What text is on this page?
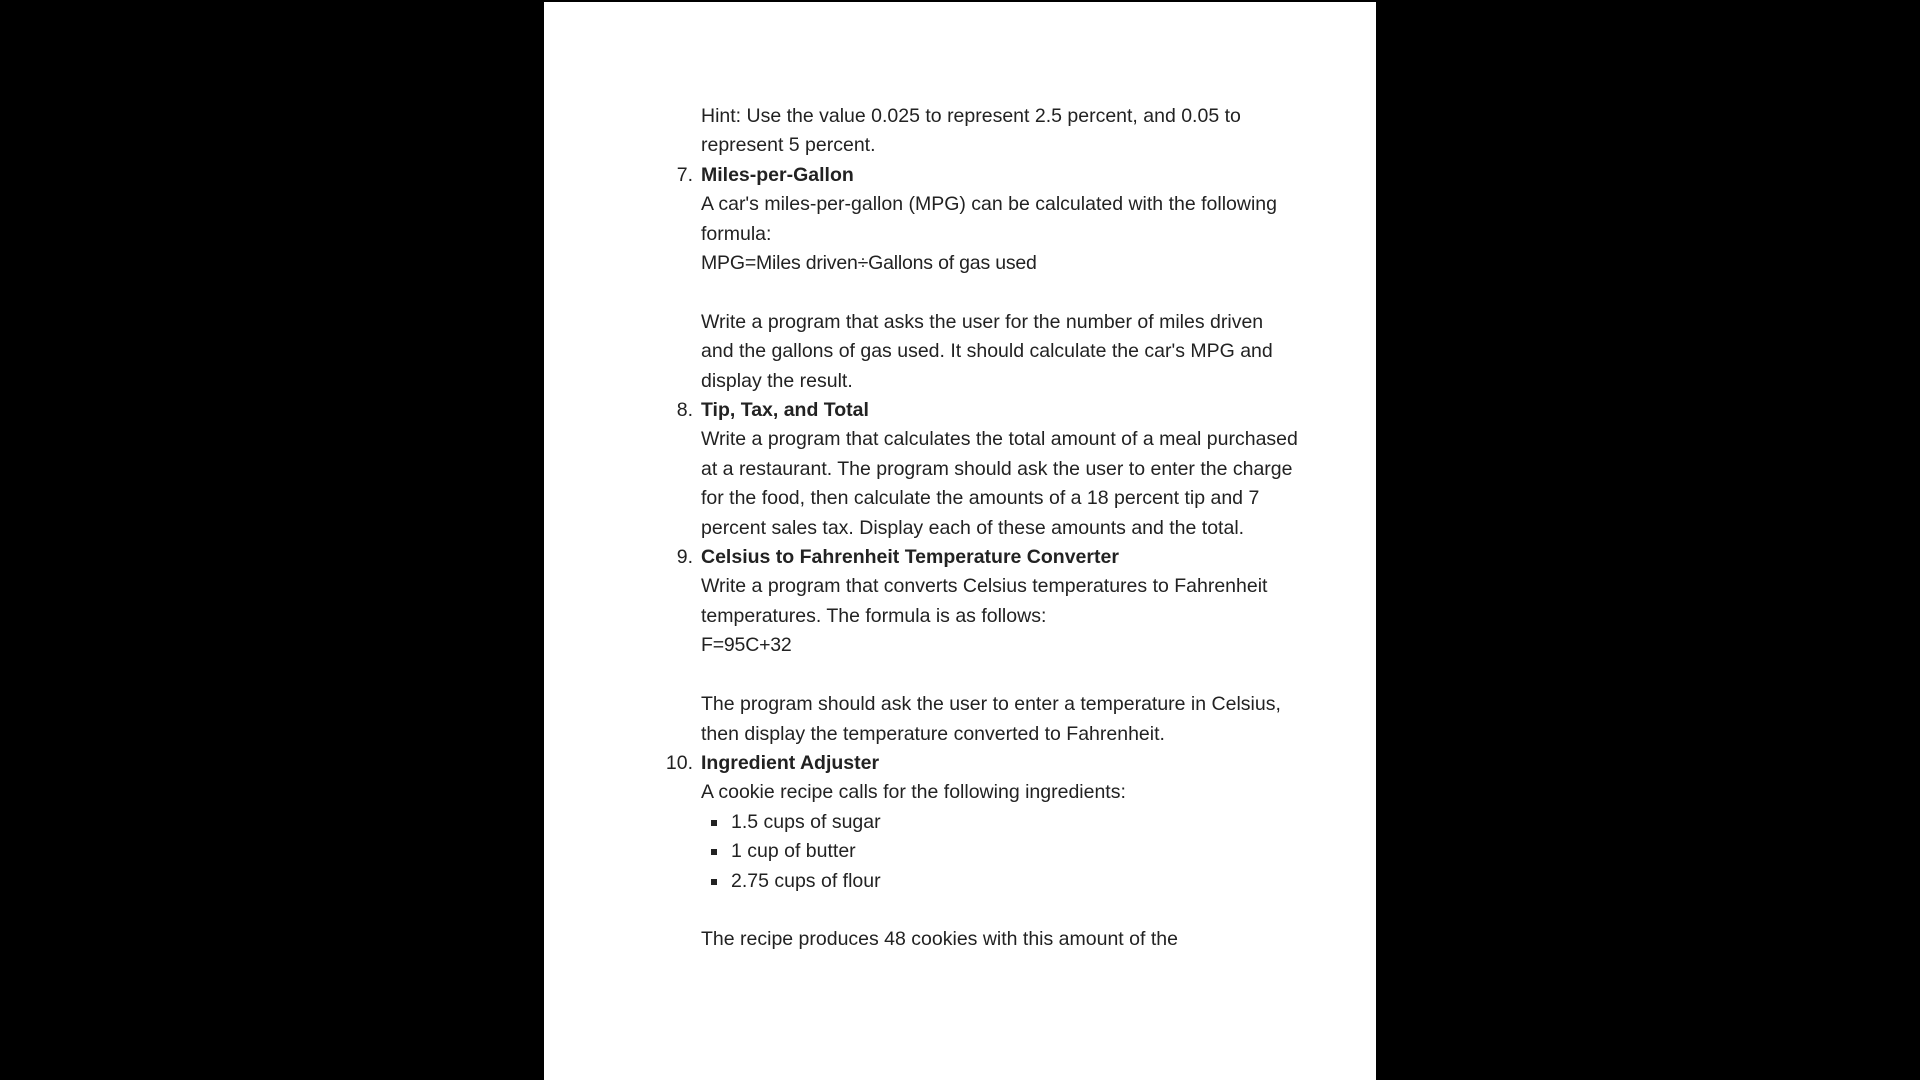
Hint: Use the value 0.025 to represent 2.5 percent, and 0.05 to represent 5 percent.

7. Miles-per-Gallon

A car's miles-per-gallon (MPG) can be calculated with the following formula:

MPG=Miles driven÷Gallons of gas used

Write a program that asks the user for the number of miles driven and the gallons of gas used. It should calculate the car's MPG and display the result.

8. Tip, Tax, and Total

Write a program that calculates the total amount of a meal purchased at a restaurant. The program should ask the user to enter the charge for the food, then calculate the amounts of a 18 percent tip and 7 percent sales tax. Display each of these amounts and the total.

9. Celsius to Fahrenheit Temperature Converter

Write a program that converts Celsius temperatures to Fahrenheit temperatures. The formula is as follows:

F=95C+32

The program should ask the user to enter a temperature in Celsius, then display the temperature converted to Fahrenheit.

10. Ingredient Adjuster

A cookie recipe calls for the following ingredients:

1.5 cups of sugar
1 cup of butter
2.75 cups of flour

The recipe produces 48 cookies with this amount of the
